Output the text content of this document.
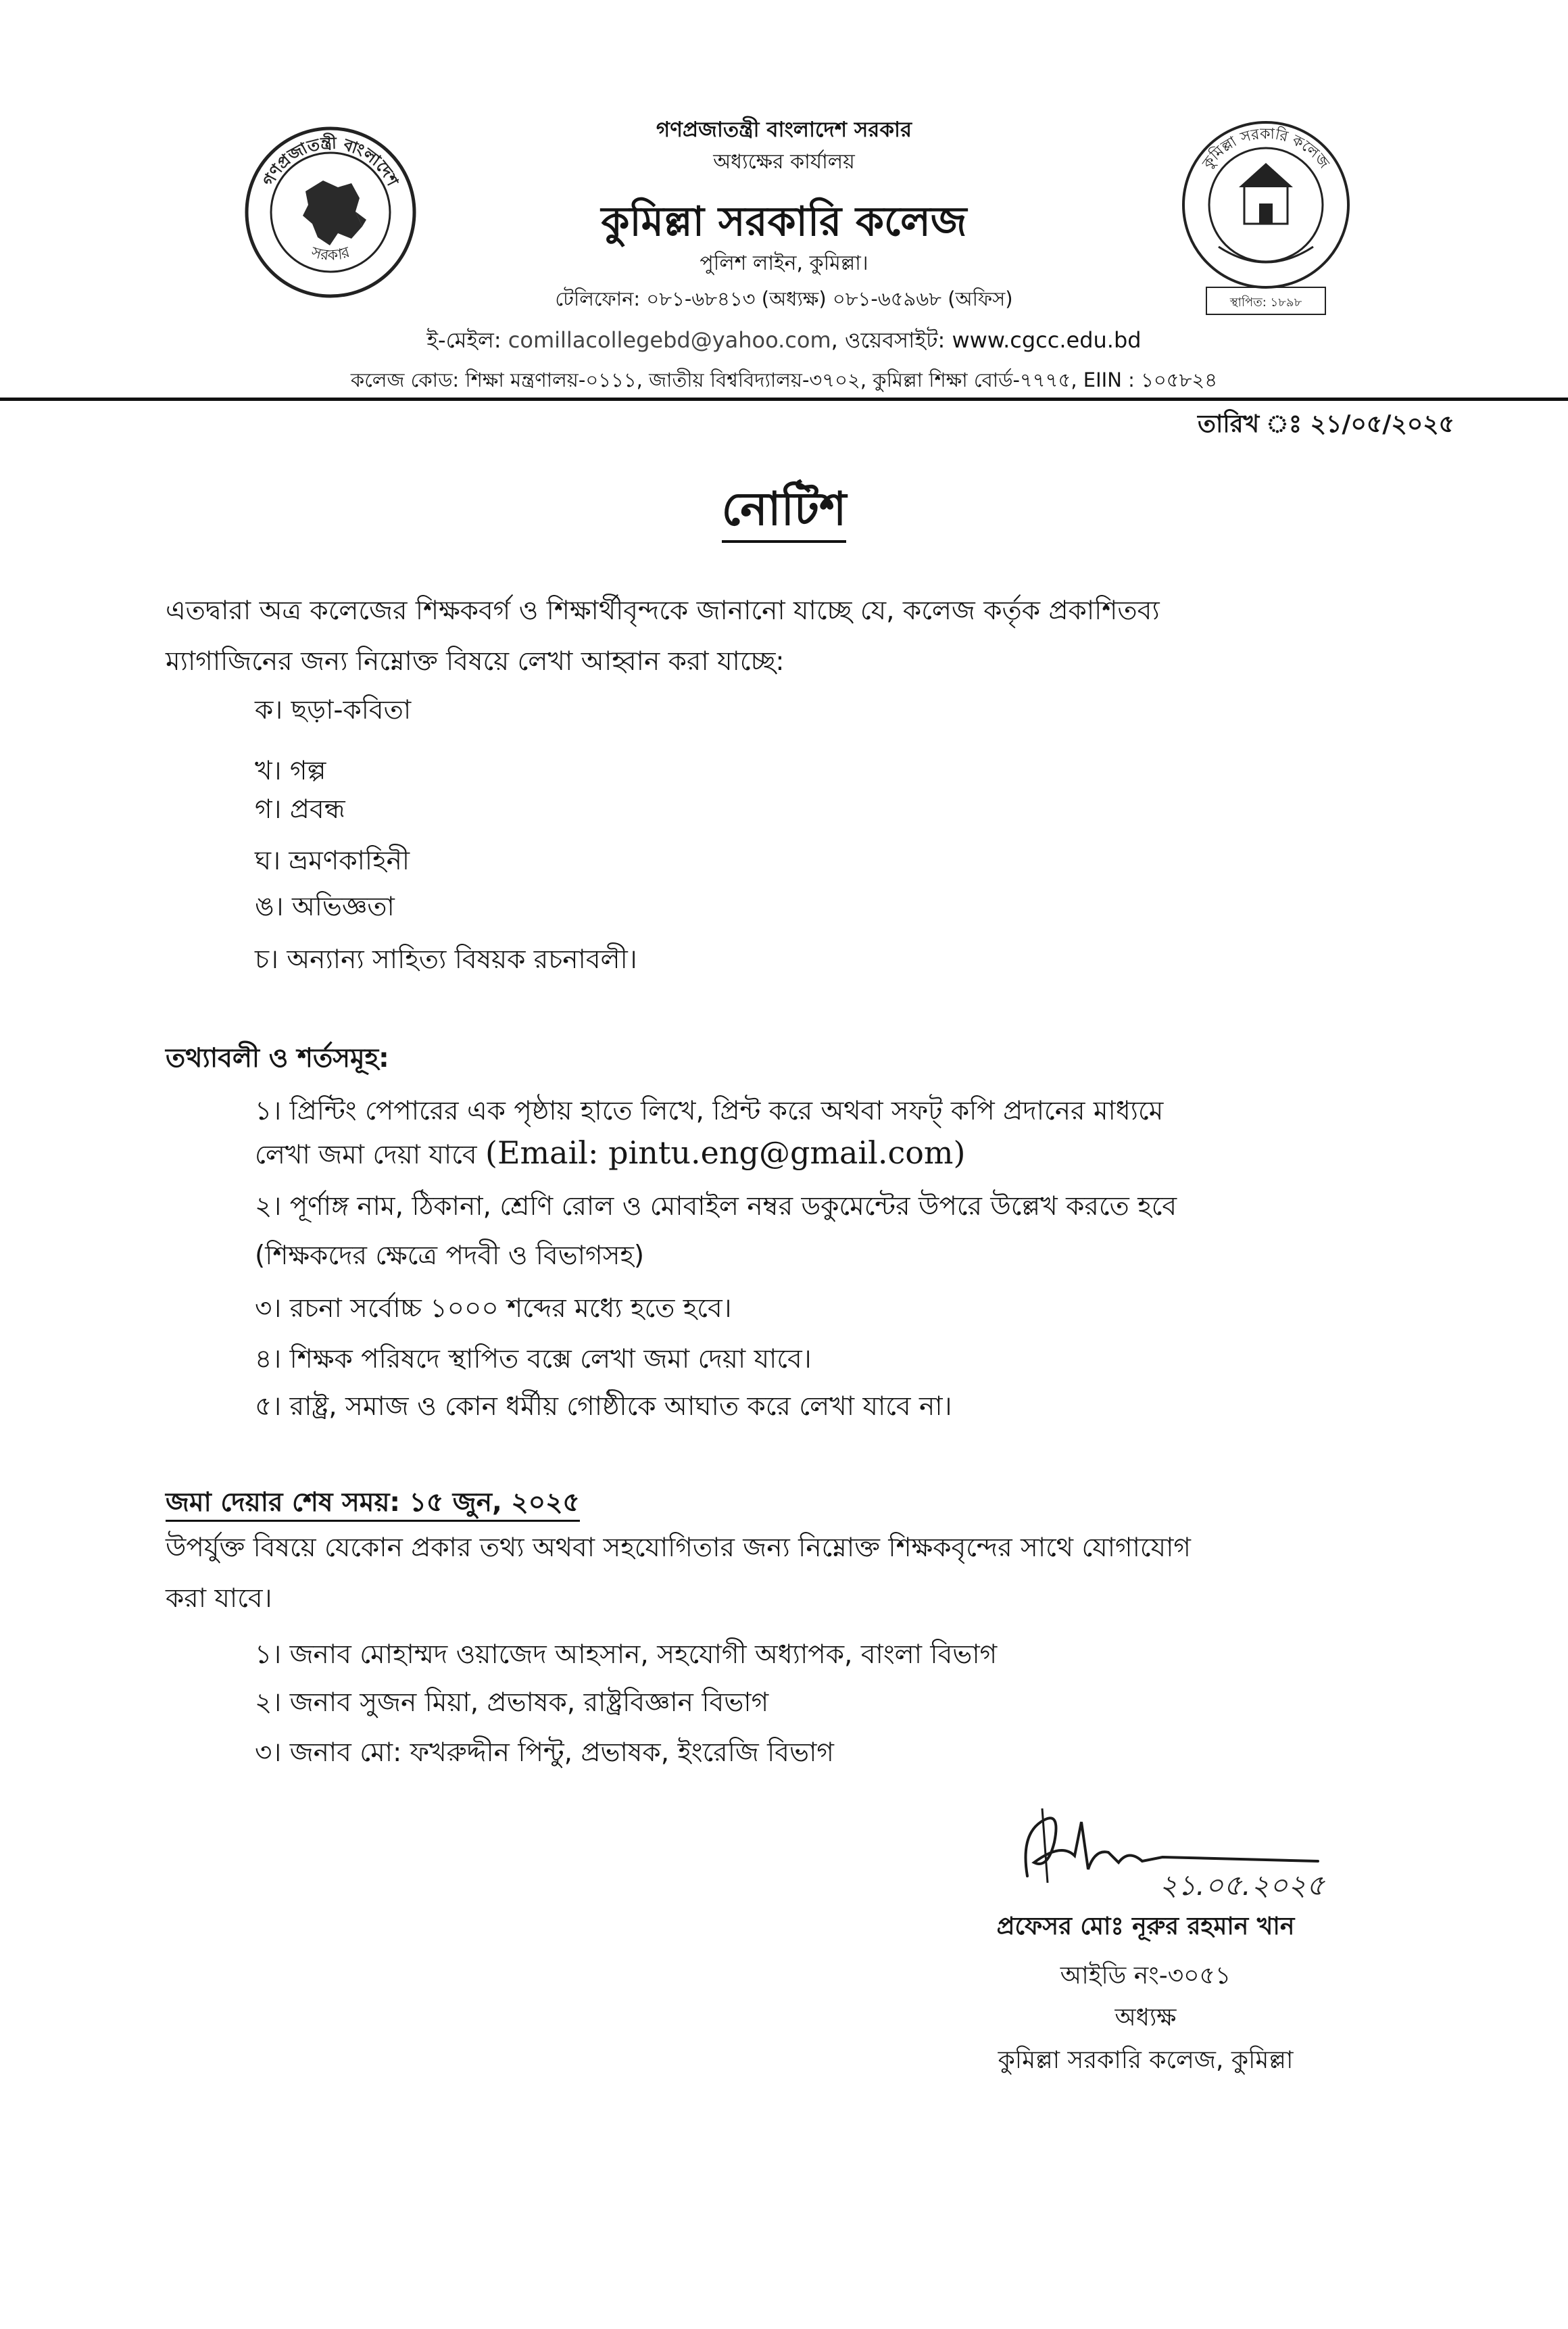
গণপ্রজাতন্ত্রী বাংলাদেশ
সরকার
কুমিল্লা সরকারি কলেজ
স্থাপিত: ১৮৯৮
গণপ্রজাতন্ত্রী বাংলাদেশ সরকার
অধ্যক্ষের কার্যালয়
কুমিল্লা সরকারি কলেজ
পুলিশ লাইন, কুমিল্লা।
টেলিফোন: ০৮১-৬৮৪১৩ (অধ্যক্ষ) ০৮১-৬৫৯৬৮ (অফিস)
ই-মেইল: comillacollegebd@yahoo.com, ওয়েবসাইট: www.cgcc.edu.bd
কলেজ কোড: শিক্ষা মন্ত্রণালয়-০১১১, জাতীয় বিশ্ববিদ্যালয়-৩৭০২, কুমিল্লা শিক্ষা বোর্ড-৭৭৭৫, EIIN : ১০৫৮২৪
তারিখ ঃ ২১/০৫/২০২৫
নোটিশ
এতদ্বারা অত্র কলেজের শিক্ষকবর্গ ও শিক্ষার্থীবৃন্দকে জানানো যাচ্ছে যে, কলেজ কর্তৃক প্রকাশিতব্য
ম্যাগাজিনের জন্য নিম্নোক্ত বিষয়ে লেখা আহ্বান করা যাচ্ছে:
ক। ছড়া-কবিতা
খ। গল্প
গ। প্রবন্ধ
ঘ। ভ্রমণকাহিনী
ঙ। অভিজ্ঞতা
চ। অন্যান্য সাহিত্য বিষয়ক রচনাবলী।
তথ্যাবলী ও শর্তসমূহ:
১। প্রিন্টিং পেপারের এক পৃষ্ঠায় হাতে লিখে, প্রিন্ট করে অথবা সফট্ কপি প্রদানের মাধ্যমে
লেখা জমা দেয়া যাবে (Email: pintu.eng@gmail.com)
২। পূর্ণাঙ্গ নাম, ঠিকানা, শ্রেণি রোল ও মোবাইল নম্বর ডকুমেন্টের উপরে উল্লেখ করতে হবে
(শিক্ষকদের ক্ষেত্রে পদবী ও বিভাগসহ)
৩। রচনা সর্বোচ্চ ১০০০ শব্দের মধ্যে হতে হবে।
৪। শিক্ষক পরিষদে স্থাপিত বক্সে লেখা জমা দেয়া যাবে।
৫। রাষ্ট্র, সমাজ ও কোন ধর্মীয় গোষ্ঠীকে আঘাত করে লেখা যাবে না।
জমা দেয়ার শেষ সময়: ১৫ জুন, ২০২৫
উপর্যুক্ত বিষয়ে যেকোন প্রকার তথ্য অথবা সহযোগিতার জন্য নিম্নোক্ত শিক্ষকবৃন্দের সাথে যোগাযোগ
করা যাবে।
১। জনাব মোহাম্মদ ওয়াজেদ আহসান, সহযোগী অধ্যাপক, বাংলা বিভাগ
২। জনাব সুজন মিয়া, প্রভাষক, রাষ্ট্রবিজ্ঞান বিভাগ
৩। জনাব মো: ফখরুদ্দীন পিন্টু, প্রভাষক, ইংরেজি বিভাগ
২১.০৫.২০২৫
প্রফেসর মোঃ নূরুর রহমান খান
আইডি নং-৩০৫১
অধ্যক্ষ
কুমিল্লা সরকারি কলেজ, কুমিল্লা
